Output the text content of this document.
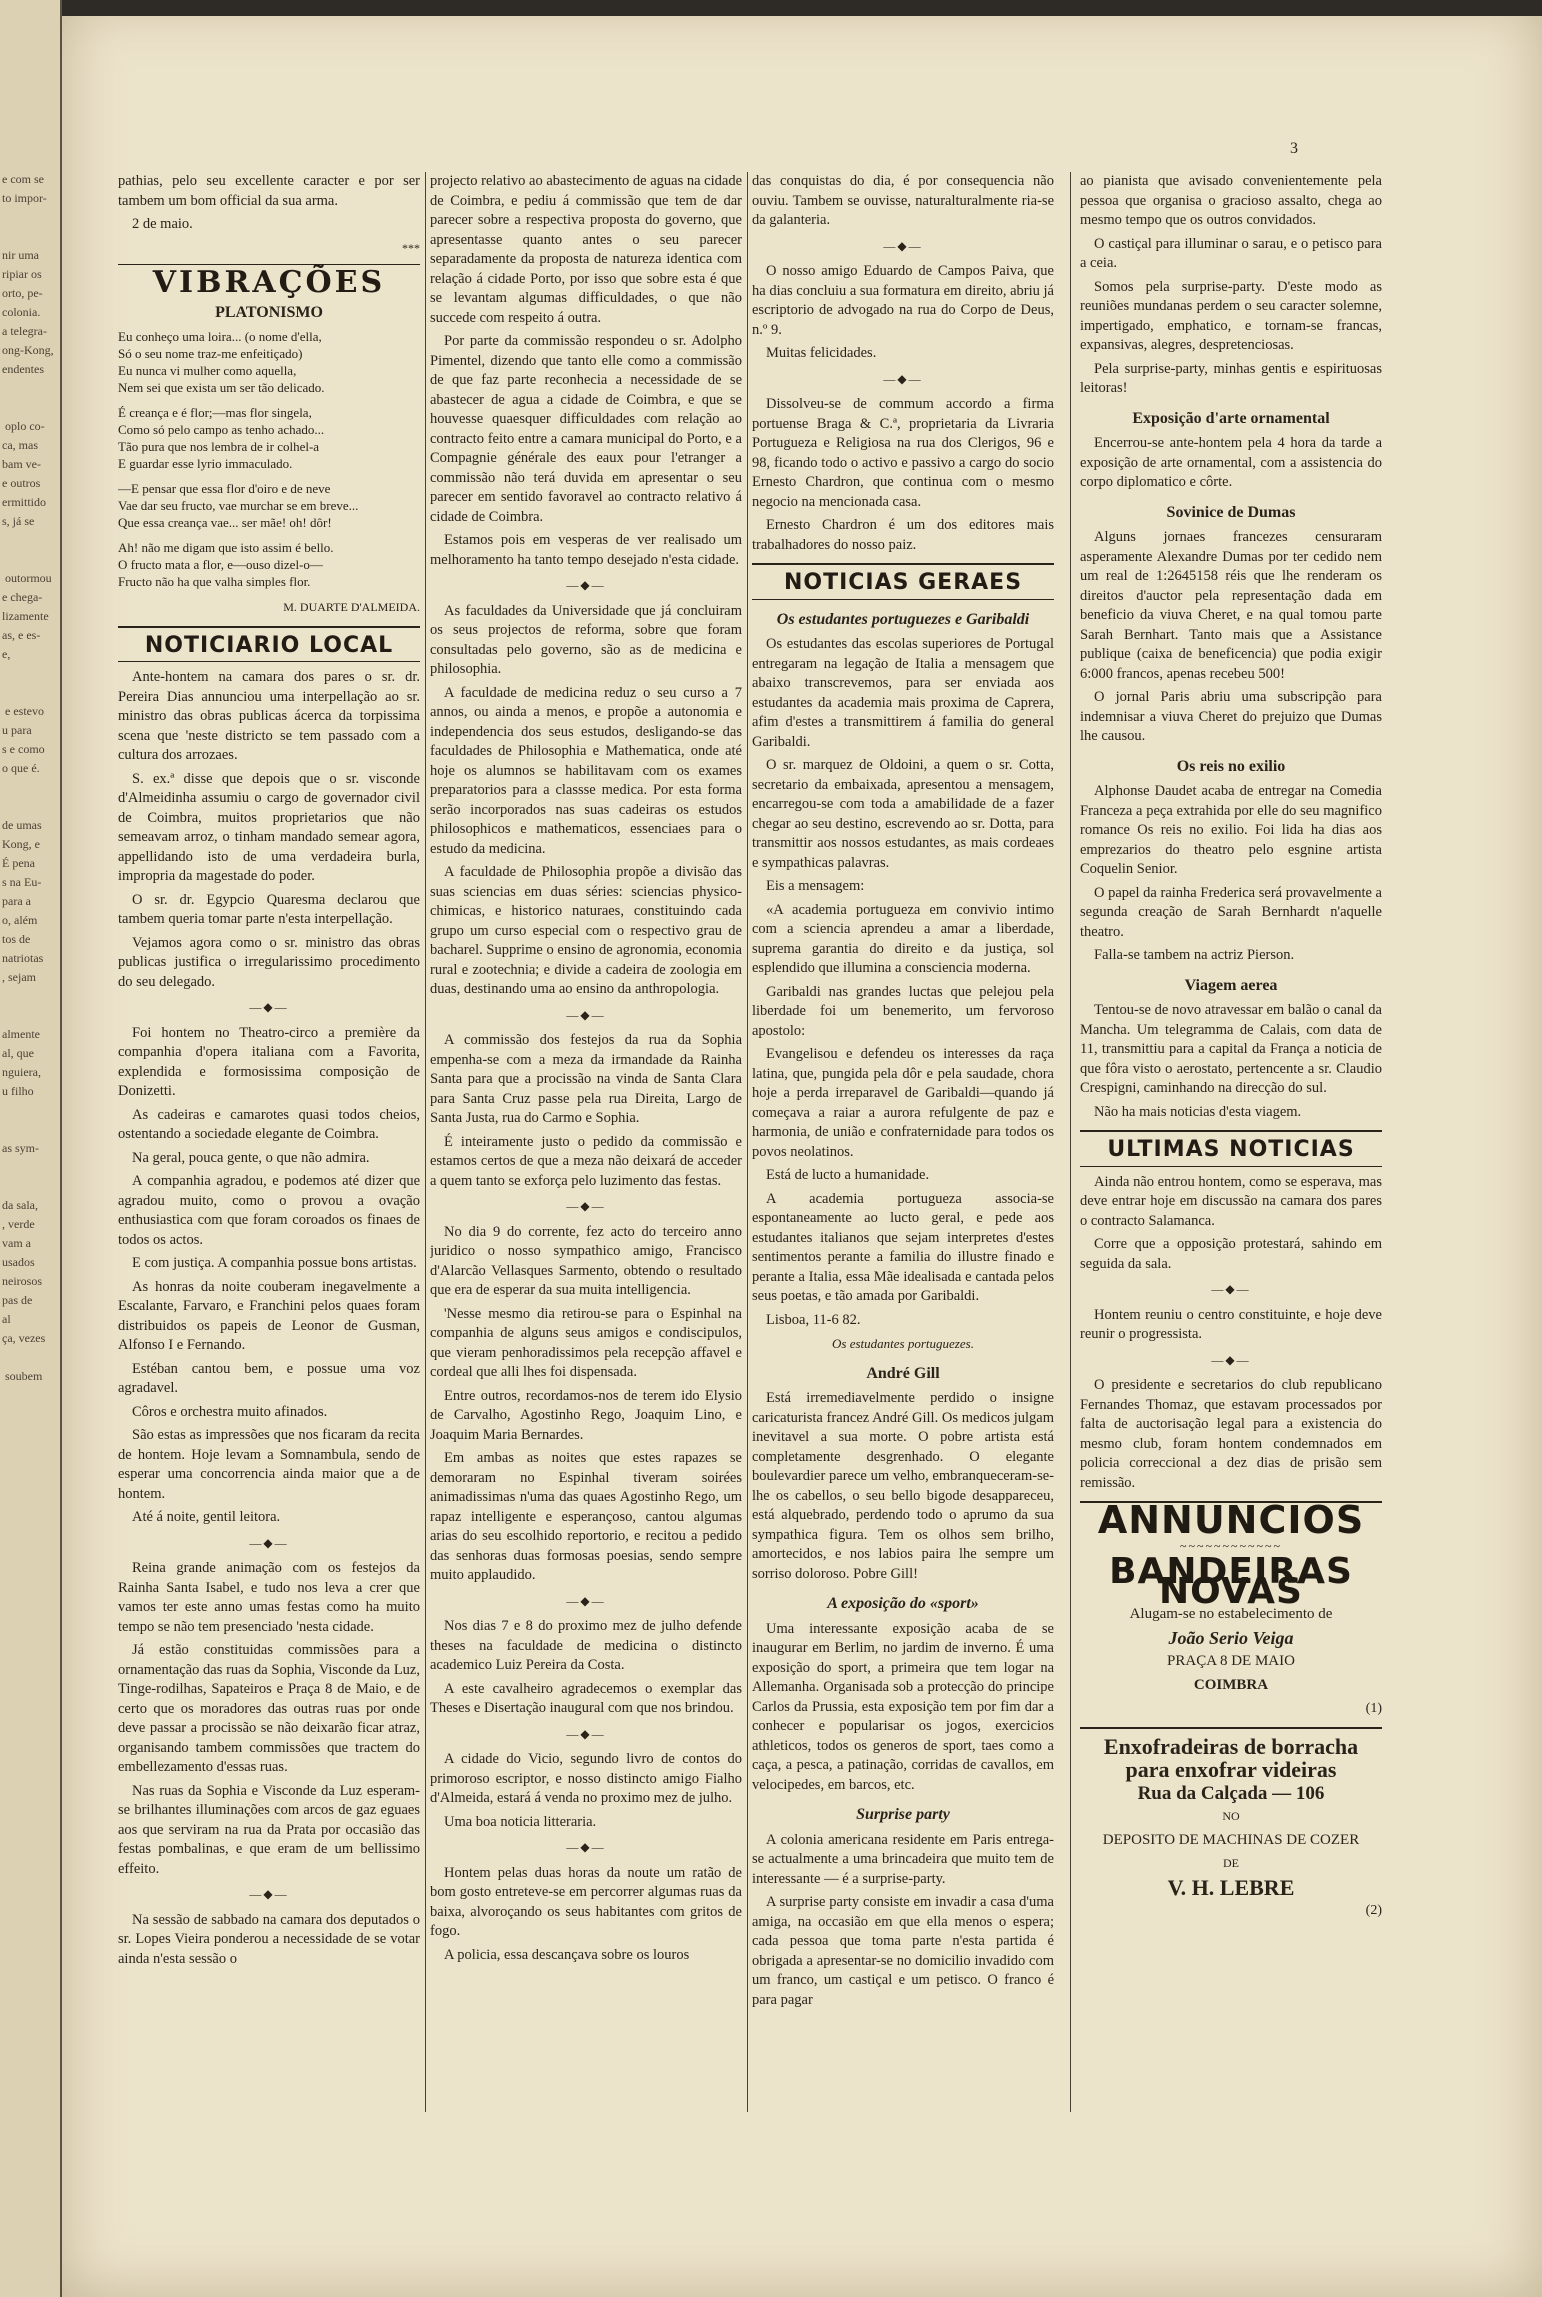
e com se
to impor-

nir uma
ripiar os
orto, pe-
colonia.
a telegra-
ong-Kong,
endentes

oplo co-
ca, mas
bam ve-
e outros
ermittido
s, já se

outormou
e chega-
lizamente
as, e es-
e,

e estevo
u para
s e como
o que é.

de umas
Kong, e
É pena
s na Eu-
para a
o, além
tos de
natriotas
, sejam

almente
al, que
nguiera,
u filho

as sym-

da sala,
, verde
vam a
usados
neirosos
pas de
al
ça, vezes

soubem
3

pathias, pelo seu excellente caracter e por ser tambem um bom official da sua arma.

2 de maio.

***
VIBRAÇÕES
PLATONISMO
Eu conheço uma loira... (o nome d'ella,
Só o seu nome traz-me enfeitiçado)
Eu nunca vi mulher como aquella,
Nem sei que exista um ser tão delicado.
É creança e é flor;—mas flor singela,
Como só pelo campo as tenho achado...
Tão pura que nos lembra de ir colhel-a
E guardar esse lyrio immaculado.
—E pensar que essa flor d'oiro e de neve
Vae dar seu fructo, vae murchar se em breve...
Que essa creança vae... ser mãe! oh! dôr!
Ah! não me digam que isto assim é bello.
O fructo mata a flor, e—ouso dizel-o—
Fructo não ha que valha simples flor.
M. DUARTE D'ALMEIDA.
NOTICIARIO LOCAL

Ante-hontem na camara dos pares o sr. dr. Pereira Dias annunciou uma interpellação ao sr. ministro das obras publicas ácerca da torpissima scena que 'neste districto se tem passado com a cultura dos arrozaes.

S. ex.ª disse que depois que o sr. visconde d'Almeidinha assumiu o cargo de governador civil de Coimbra, muitos proprietarios que não semeavam arroz, o tinham mandado semear agora, appellidando isto de uma verdadeira burla, impropria da magestade do poder.

O sr. dr. Egypcio Quaresma declarou que tambem queria tomar parte n'esta interpellação.

Vejamos agora como o sr. ministro das obras publicas justifica o irregularissimo procedimento do seu delegado.

—◆—

Foi hontem no Theatro-circo a première da companhia d'opera italiana com a Favorita, explendida e formosissima composição de Donizetti.

As cadeiras e camarotes quasi todos cheios, ostentando a sociedade elegante de Coimbra.

Na geral, pouca gente, o que não admira.

A companhia agradou, e podemos até dizer que agradou muito, como o provou a ovação enthusiastica com que foram coroados os finaes de todos os actos.

E com justiça. A companhia possue bons artistas.

As honras da noite couberam inegavelmente a Escalante, Farvaro, e Franchini pelos quaes foram distribuidos os papeis de Leonor de Gusman, Alfonso I e Fernando.

Estéban cantou bem, e possue uma voz agradavel.

Côros e orchestra muito afinados.

São estas as impressões que nos ficaram da recita de hontem. Hoje levam a Somnambula, sendo de esperar uma concorrencia ainda maior que a de hontem.

Até á noite, gentil leitora.

—◆—

Reina grande animação com os festejos da Rainha Santa Isabel, e tudo nos leva a crer que vamos ter este anno umas festas como ha muito tempo se não tem presenciado 'nesta cidade.

Já estão constituidas commissões para a ornamentação das ruas da Sophia, Visconde da Luz, Tinge-rodilhas, Sapateiros e Praça 8 de Maio, e de certo que os moradores das outras ruas por onde deve passar a procissão se não deixarão ficar atraz, organisando tambem commissões que tractem do embellezamento d'essas ruas.

Nas ruas da Sophia e Visconde da Luz esperam-se brilhantes illuminações com arcos de gaz eguaes aos que serviram na rua da Prata por occasião das festas pombalinas, e que eram de um bellissimo effeito.

—◆—

Na sessão de sabbado na camara dos deputados o sr. Lopes Vieira ponderou a necessidade de se votar ainda n'esta sessão o

projecto relativo ao abastecimento de aguas na cidade de Coimbra, e pediu á commissão que tem de dar parecer sobre a respectiva proposta do governo, que apresentasse quanto antes o seu parecer separadamente da proposta de natureza identica com relação á cidade Porto, por isso que sobre esta é que se levantam algumas difficuldades, o que não succede com respeito á outra.

Por parte da commissão respondeu o sr. Adolpho Pimentel, dizendo que tanto elle como a commissão de que faz parte reconhecia a necessidade de se abastecer de agua a cidade de Coimbra, e que se houvesse quaesquer difficuldades com relação ao contracto feito entre a camara municipal do Porto, e a Compagnie générale des eaux pour l'etranger a commissão não terá duvida em apresentar o seu parecer em sentido favoravel ao contracto relativo á cidade de Coimbra.

Estamos pois em vesperas de ver realisado um melhoramento ha tanto tempo desejado n'esta cidade.

—◆—

As faculdades da Universidade que já concluiram os seus projectos de reforma, sobre que foram consultadas pelo governo, são as de medicina e philosophia.

A faculdade de medicina reduz o seu curso a 7 annos, ou ainda a menos, e propõe a autonomia e independencia dos seus estudos, desligando-se das faculdades de Philosophia e Mathematica, onde até hoje os alumnos se habilitavam com os exames preparatorios para a classse medica. Por esta forma serão incorporados nas suas cadeiras os estudos philosophicos e mathematicos, essenciaes para o estudo da medicina.

A faculdade de Philosophia propõe a divisão das suas sciencias em duas séries: sciencias physico-chimicas, e historico naturaes, constituindo cada grupo um curso especial com o respectivo grau de bacharel. Supprime o ensino de agronomia, economia rural e zootechnia; e divide a cadeira de zoologia em duas, destinando uma ao ensino da anthropologia.

—◆—

A commissão dos festejos da rua da Sophia empenha-se com a meza da irmandade da Rainha Santa para que a procissão na vinda de Santa Clara para Santa Cruz passe pela rua Direita, Largo de Santa Justa, rua do Carmo e Sophia.

É inteiramente justo o pedido da commissão e estamos certos de que a meza não deixará de acceder a quem tanto se exforça pelo luzimento das festas.

—◆—

No dia 9 do corrente, fez acto do terceiro anno juridico o nosso sympathico amigo, Francisco d'Alarcão Vellasques Sarmento, obtendo o resultado que era de esperar da sua muita intelligencia.

'Nesse mesmo dia retirou-se para o Espinhal na companhia de alguns seus amigos e condiscipulos, que vieram penhoradissimos pela recepção affavel e cordeal que alli lhes foi dispensada.

Entre outros, recordamos-nos de terem ido Elysio de Carvalho, Agostinho Rego, Joaquim Lino, e Joaquim Maria Bernardes.

Em ambas as noites que estes rapazes se demoraram no Espinhal tiveram soirées animadissimas n'uma das quaes Agostinho Rego, um rapaz intelligente e esperançoso, cantou algumas arias do seu escolhido reportorio, e recitou a pedido das senhoras duas formosas poesias, sendo sempre muito applaudido.

—◆—

Nos dias 7 e 8 do proximo mez de julho defende theses na faculdade de medicina o distincto academico Luiz Pereira da Costa.

A este cavalheiro agradecemos o exemplar das Theses e Disertação inaugural com que nos brindou.

—◆—

A cidade do Vicio, segundo livro de contos do primoroso escriptor, e nosso distincto amigo Fialho d'Almeida, estará á venda no proximo mez de julho.

Uma boa noticia litteraria.

—◆—

Hontem pelas duas horas da noute um ratão de bom gosto entreteve-se em percorrer algumas ruas da baixa, alvoroçando os seus habitantes com gritos de fogo.

A policia, essa descançava sobre os louros

das conquistas do dia, é por consequencia não ouviu. Tambem se ouvisse, naturalturalmente ria-se da galanteria.

—◆—

O nosso amigo Eduardo de Campos Paiva, que ha dias concluiu a sua formatura em direito, abriu já escriptorio de advogado na rua do Corpo de Deus, n.º 9.

Muitas felicidades.

—◆—

Dissolveu-se de commum accordo a firma portuense Braga & C.ª, proprietaria da Livraria Portugueza e Religiosa na rua dos Clerigos, 96 e 98, ficando todo o activo e passivo a cargo do socio Ernesto Chardron, que continua com o mesmo negocio na mencionada casa.

Ernesto Chardron é um dos editores mais trabalhadores do nosso paiz.

NOTICIAS GERAES
Os estudantes portuguezes e Garibaldi

Os estudantes das escolas superiores de Portugal entregaram na legação de Italia a mensagem que abaixo transcrevemos, para ser enviada aos estudantes da academia mais proxima de Caprera, afim d'estes a transmittirem á familia do general Garibaldi.

O sr. marquez de Oldoini, a quem o sr. Cotta, secretario da embaixada, apresentou a mensagem, encarregou-se com toda a amabilidade de a fazer chegar ao seu destino, escrevendo ao sr. Dotta, para transmittir aos nossos estudantes, as mais cordeaes e sympathicas palavras.

Eis a mensagem:

«A academia portugueza em convivio intimo com a sciencia aprendeu a amar a liberdade, suprema garantia do direito e da justiça, sol esplendido que illumina a consciencia moderna.

Garibaldi nas grandes luctas que pelejou pela liberdade foi um benemerito, um fervoroso apostolo:

Evangelisou e defendeu os interesses da raça latina, que, pungida pela dôr e pela saudade, chora hoje a perda irreparavel de Garibaldi—quando já começava a raiar a aurora refulgente de paz e harmonia, de união e confraternidade para todos os povos neolatinos.

Está de lucto a humanidade.

A academia portugueza associa-se espontaneamente ao lucto geral, e pede aos estudantes italianos que sejam interpretes d'estes sentimentos perante a familia do illustre finado e perante a Italia, essa Mãe idealisada e cantada pelos seus poetas, e tão amada por Garibaldi.

Lisboa, 11-6 82.

Os estudantes portuguezes.
André Gill

Está irremediavelmente perdido o insigne caricaturista francez André Gill. Os medicos julgam inevitavel a sua morte. O pobre artista está completamente desgrenhado. O elegante boulevardier parece um velho, embranqueceram-se-lhe os cabellos, o seu bello bigode desappareceu, está alquebrado, perdendo todo o aprumo da sua sympathica figura. Tem os olhos sem brilho, amortecidos, e nos labios paira lhe sempre um sorriso doloroso. Pobre Gill!

A exposição do «sport»

Uma interessante exposição acaba de se inaugurar em Berlim, no jardim de inverno. É uma exposição do sport, a primeira que tem logar na Allemanha. Organisada sob a protecção do principe Carlos da Prussia, esta exposição tem por fim dar a conhecer e popularisar os jogos, exercicios athleticos, todos os generos de sport, taes como a caça, a pesca, a patinação, corridas de cavallos, em velocipedes, em barcos, etc.

Surprise party

A colonia americana residente em Paris entrega-se actualmente a uma brincadeira que muito tem de interessante — é a surprise-party.

A surprise party consiste em invadir a casa d'uma amiga, na occasião em que ella menos o espera; cada pessoa que toma parte n'esta partida é obrigada a apresentar-se no domicilio invadido com um franco, um castiçal e um petisco. O franco é para pagar

ao pianista que avisado convenientemente pela pessoa que organisa o gracioso assalto, chega ao mesmo tempo que os outros convidados.

O castiçal para illuminar o sarau, e o petisco para a ceia.

Somos pela surprise-party. D'este modo as reuniões mundanas perdem o seu caracter solemne, impertigado, emphatico, e tornam-se francas, expansivas, alegres, despretenciosas.

Pela surprise-party, minhas gentis e espirituosas leitoras!

Exposição d'arte ornamental

Encerrou-se ante-hontem pela 4 hora da tarde a exposição de arte ornamental, com a assistencia do corpo diplomatico e côrte.

Sovinice de Dumas

Alguns jornaes francezes censuraram asperamente Alexandre Dumas por ter cedido nem um real de 1:2645158 réis que lhe renderam os direitos d'auctor pela representação dada em beneficio da viuva Cheret, e na qual tomou parte Sarah Bernhart. Tanto mais que a Assistance publique (caixa de beneficencia) que podia exigir 6:000 francos, apenas recebeu 500!

O jornal Paris abriu uma subscripção para indemnisar a viuva Cheret do prejuizo que Dumas lhe causou.

Os reis no exilio

Alphonse Daudet acaba de entregar na Comedia Franceza a peça extrahida por elle do seu magnifico romance Os reis no exilio. Foi lida ha dias aos emprezarios do theatro pelo esgnine artista Coquelin Senior.

O papel da rainha Frederica será provavelmente a segunda creação de Sarah Bernhardt n'aquelle theatro.

Falla-se tambem na actriz Pierson.

Viagem aerea

Tentou-se de novo atravessar em balão o canal da Mancha. Um telegramma de Calais, com data de 11, transmittiu para a capital da França a noticia de que fôra visto o aerostato, pertencente a sr. Claudio Crespigni, caminhando na direcção do sul.

Não ha mais noticias d'esta viagem.

ULTIMAS NOTICIAS

Ainda não entrou hontem, como se esperava, mas deve entrar hoje em discussão na camara dos pares o contracto Salamanca.

Corre que a opposição protestará, sahindo em seguida da sala.

—◆—

Hontem reuniu o centro constituinte, e hoje deve reunir o progressista.

—◆—

O presidente e secretarios do club republicano Fernandes Thomaz, que estavam processados por falta de auctorisação legal para a existencia do mesmo club, foram hontem condemnados em policia correccional a dez dias de prisão sem remissão.

ANNUNCIOS
~~~~~~~~~~~~
BANDEIRAS NOVAS
Alugam-se no estabelecimento de
João Serio Veiga
PRAÇA 8 DE MAIO
COIMBRA
(1)
Enxofradeiras de borracha
para enxofrar videiras
Rua da Calçada — 106
NO
DEPOSITO DE MACHINAS DE COZER
DE
V. H. LEBRE
(2)
